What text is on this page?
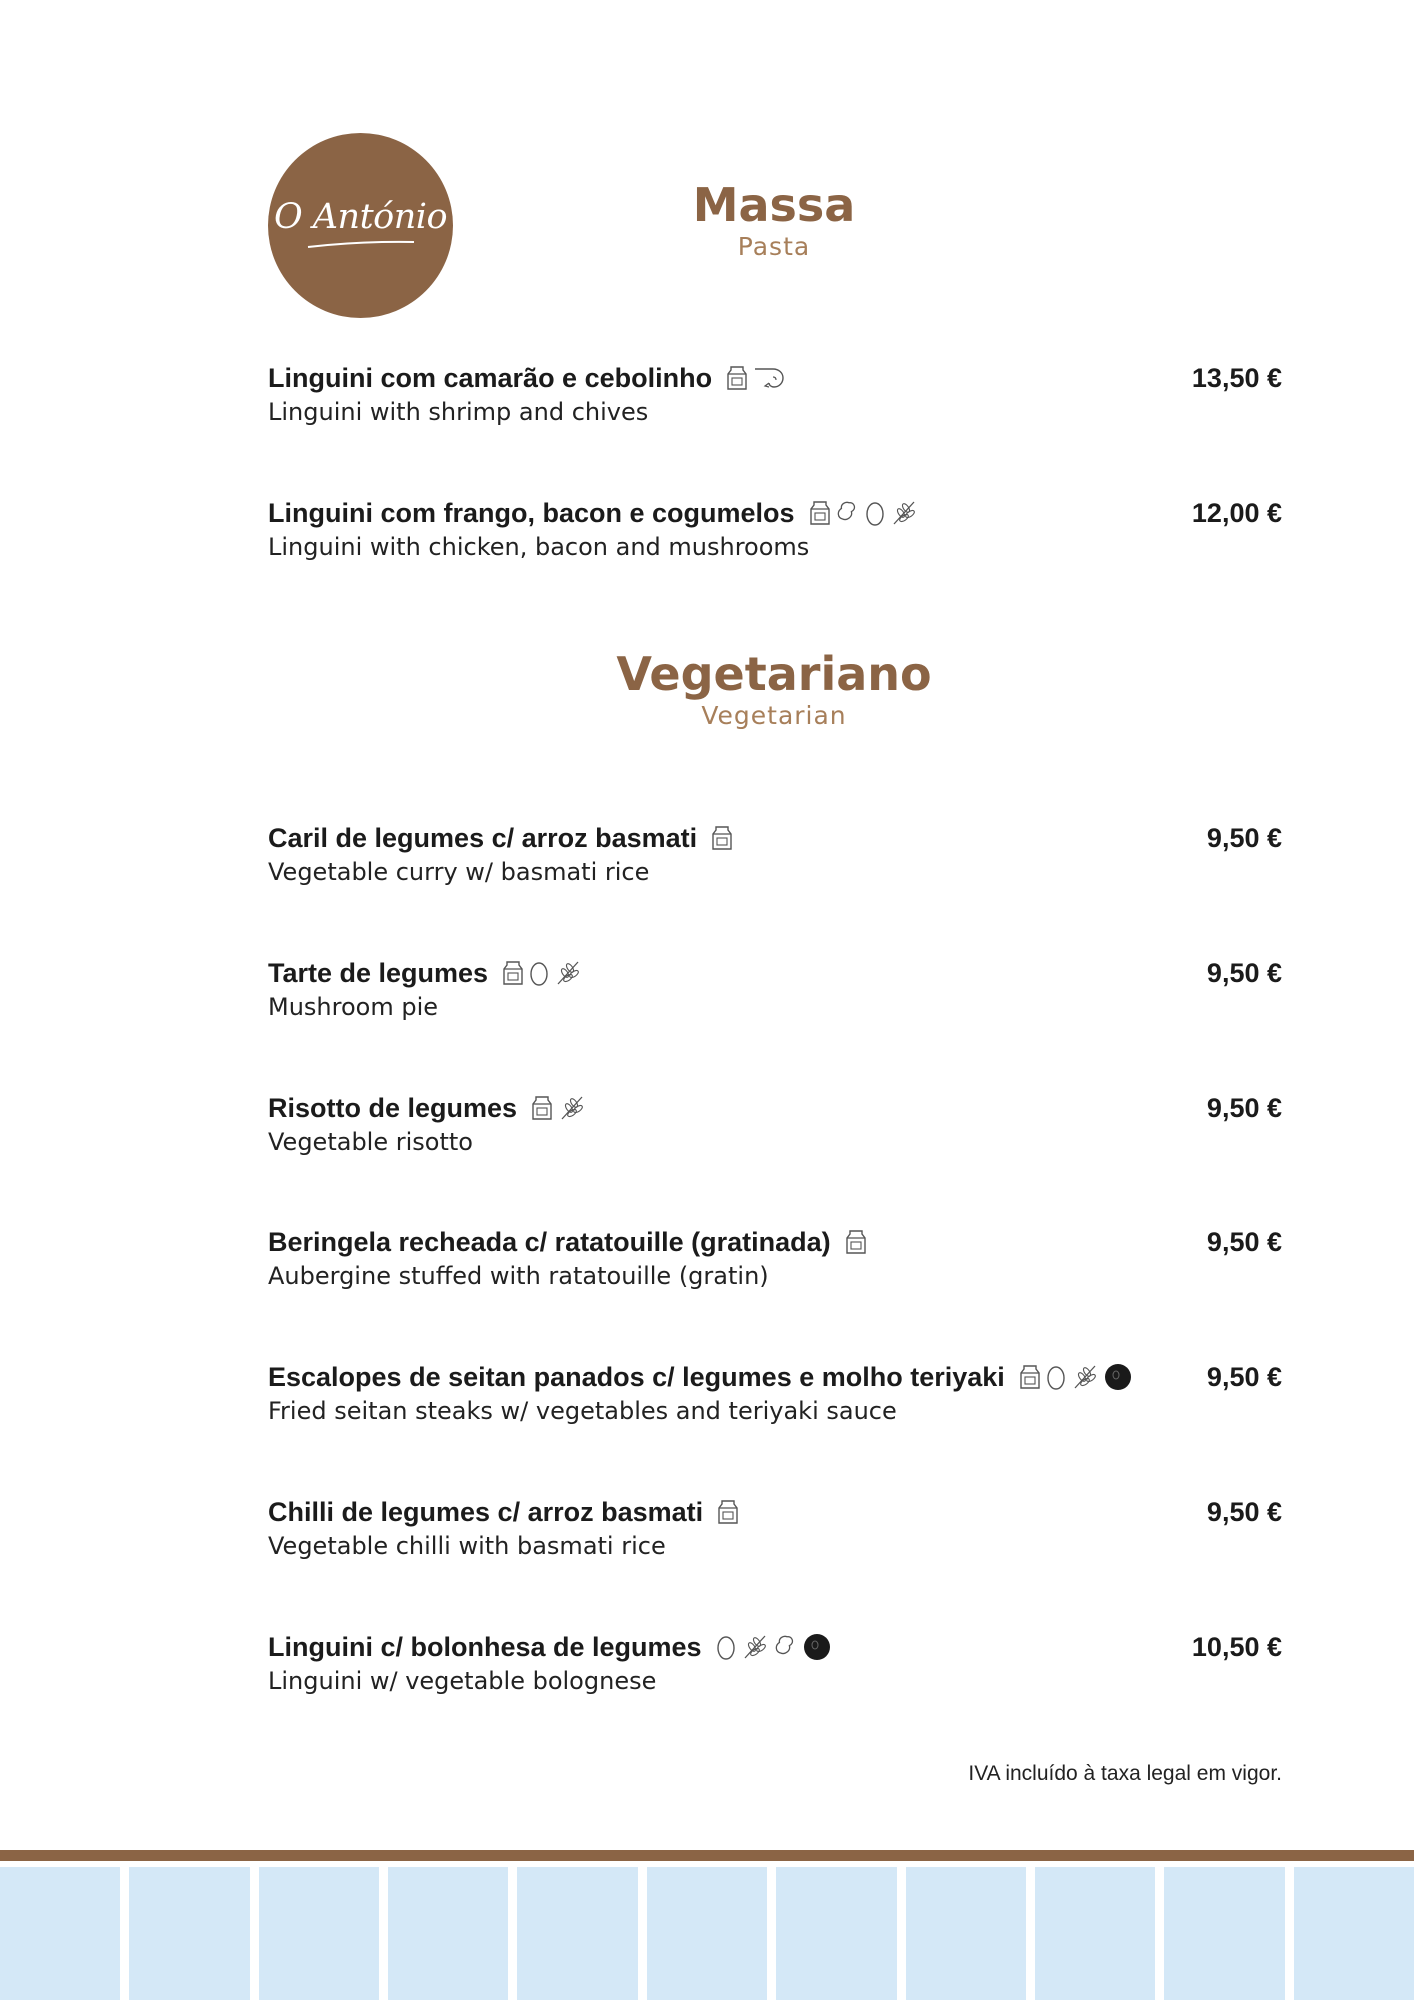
O António	Massa
Pasta
Linguini com camarão e cebolinho
Linguini with shrimp and chives
13,50 €
Linguini com frango, bacon e cogumelos
Linguini with chicken, bacon and mushrooms
12,00 €
Vegetariano
Vegetarian
Caril de legumes c/ arroz basmati
Vegetable curry w/ basmati rice
9,50 €
Tarte de legumes
Mushroom pie
9,50 €
Risotto de legumes
Vegetable risotto
9,50 €
Beringela recheada c/ ratatouille (gratinada)
Aubergine stuffed with ratatouille (gratin)
9,50 €
Escalopes de seitan panados c/ legumes e molho teriyaki
Fried seitan steaks w/ vegetables and teriyaki sauce
9,50 €
Chilli de legumes c/ arroz basmati
Vegetable chilli with basmati rice
9,50 €
Linguini c/ bolonhesa de legumes
Linguini w/ vegetable bolognese
10,50 €
IVA incluído à taxa legal em vigor.
